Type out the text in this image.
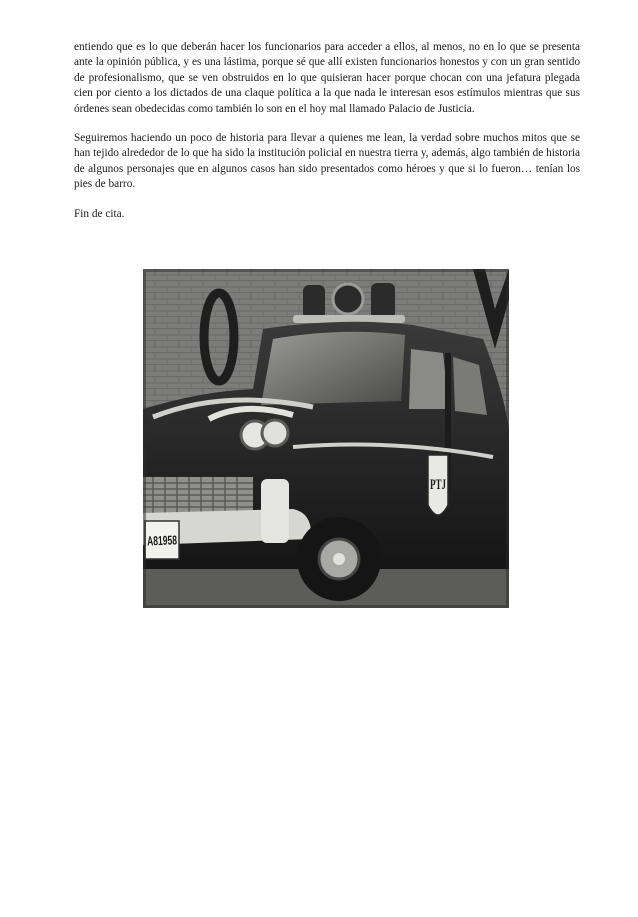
entiendo que es lo que deberán hacer los funcionarios para acceder a ellos, al menos, no en lo que se presenta ante la opinión pública, y es una lástima, porque sé que allí existen funcionarios honestos y con un gran sentido de profesionalismo, que se ven obstruidos en lo que quisieran hacer porque chocan con una jefatura plegada cien por ciento a los dictados de una claque política a la que nada le interesan esos estímulos mientras que sus órdenes sean obedecidas como también lo son en el hoy mal llamado Palacio de Justicia.

Seguiremos haciendo un poco de historia para llevar a quienes me lean, la verdad sobre muchos mitos que se han tejido alrededor de lo que ha sido la institución policial en nuestra tierra y, además, algo también de historia de algunos personajes que en algunos casos han sido presentados como héroes y que si lo fueron… tenían los pies de barro.

Fin de cita.

A81958
PTJ
